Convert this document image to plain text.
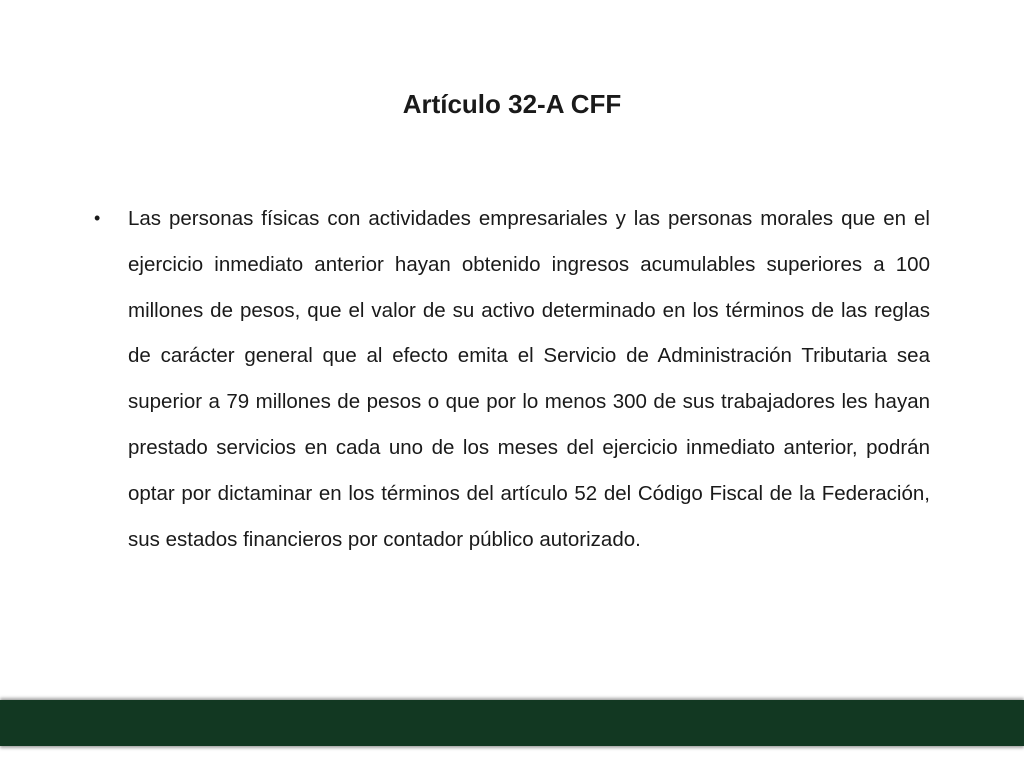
Artículo 32-A CFF
• Las personas físicas con actividades empresariales y las personas morales que en el ejercicio inmediato anterior hayan obtenido ingresos acumulables superiores a 100 millones de pesos, que el valor de su activo determinado en los términos de las reglas de carácter general que al efecto emita el Servicio de Administración Tributaria sea superior a 79 millones de pesos o que por lo menos 300 de sus trabajadores les hayan prestado servicios en cada uno de los meses del ejercicio inmediato anterior, podrán optar por dictaminar en los términos del artículo 52 del Código Fiscal de la Federación, sus estados financieros por contador público autorizado.
